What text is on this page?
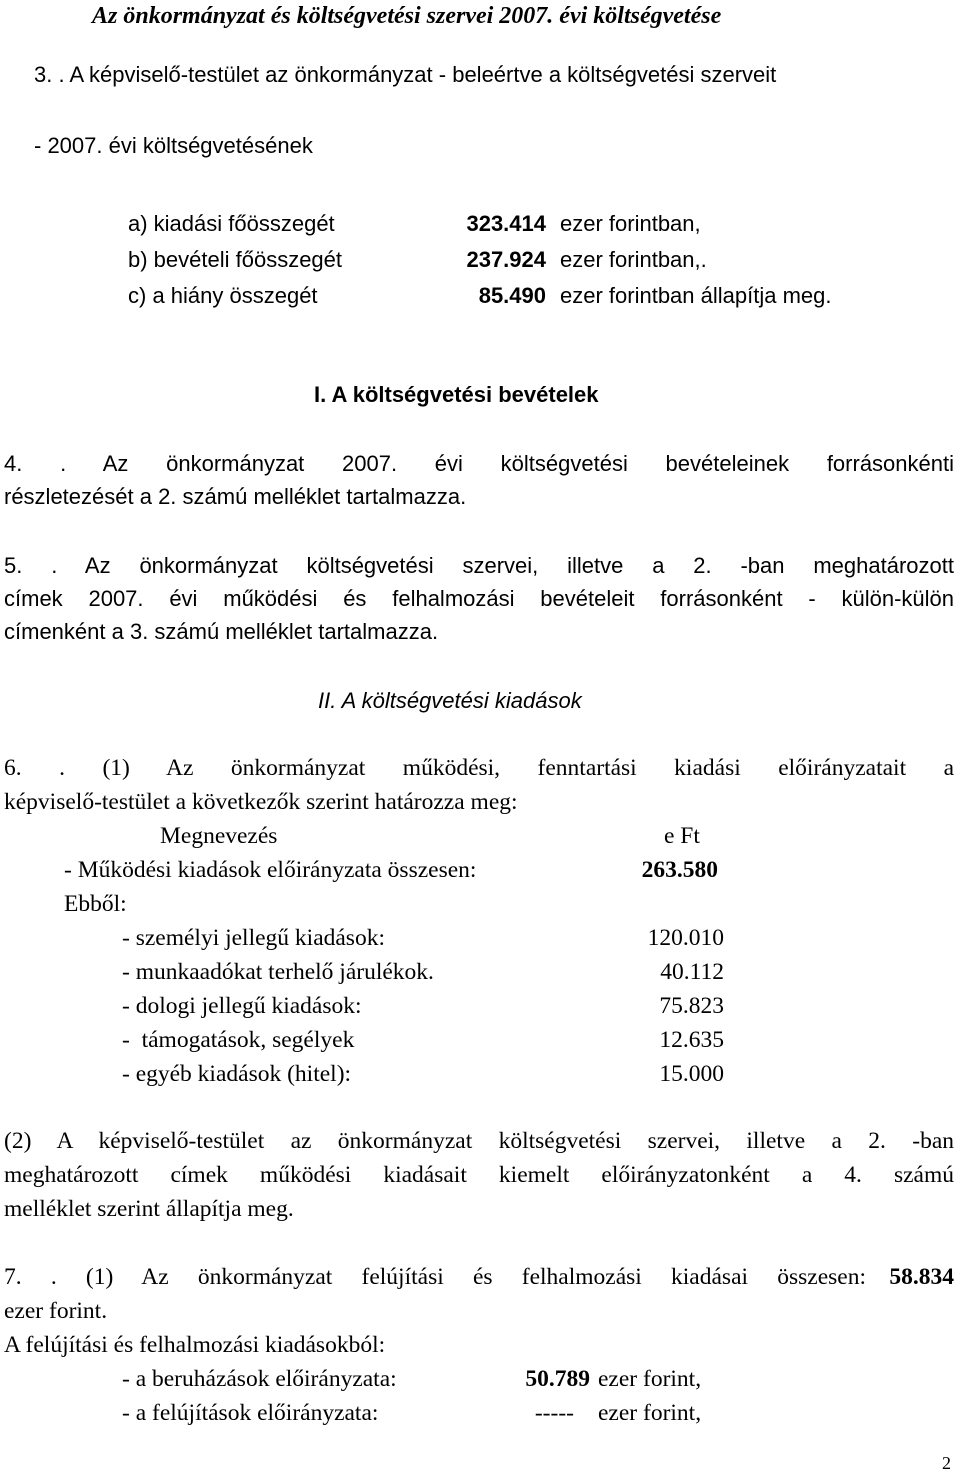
Az önkormányzat és költségvetési szervei 2007. évi költségvetése
3. . A képviselő-testület az önkormányzat - beleértve a költségvetési szerveit
- 2007. évi költségvetésének
a) kiadási főösszegét	323.414 ezer forintban,
b) bevételi főösszegét	237.924 ezer forintban,.
c) a hiány összegét	85.490 ezer forintban állapítja meg.
I. A költségvetési bevételek
4. . Az önkormányzat 2007. évi költségvetési bevételeinek forrásonkénti
részletezését a 2. számú melléklet tartalmazza.
5. . Az önkormányzat költségvetési szervei, illetve a 2. -ban meghatározott
címek 2007. évi működési és felhalmozási bevételeit forrásonként - külön-külön
címenként a 3. számú melléklet tartalmazza.
II. A költségvetési kiadások
6. . (1) Az önkormányzat működési, fenntartási kiadási előirányzatait a
képviselő-testület a következők szerint határozza meg:
Megnevezés	e Ft
- Működési kiadások előirányzata összesen:	263.580
Ebből:
- személyi jellegű kiadások:	120.010
- munkaadókat terhelő járulékok.	40.112
- dologi jellegű kiadások:	75.823
-  támogatások, segélyek	12.635
- egyéb kiadások (hitel):	15.000
(2) A képviselő-testület az önkormányzat költségvetési szervei, illetve a 2. -ban
meghatározott címek működési kiadásait kiemelt előirányzatonként a 4. számú
melléklet szerint állapítja meg.
7. . (1) Az önkormányzat felújítási és felhalmozási kiadásai összesen: 58.834
ezer forint.
A felújítási és felhalmozási kiadásokból:
- a beruházások előirányzata:	50.789 ezer forint,
- a felújítások előirányzata:	----- ezer forint,
2
